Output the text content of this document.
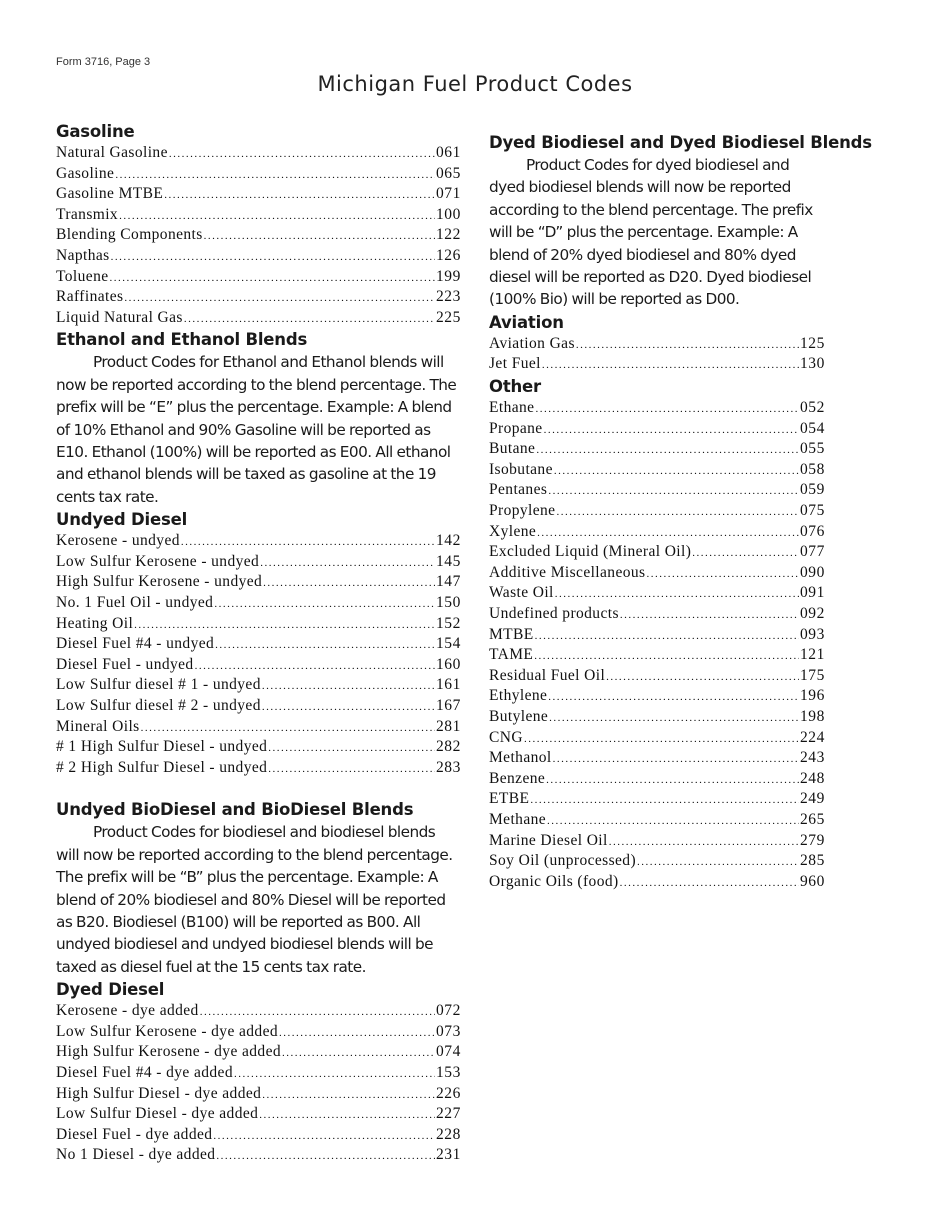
Form 3716, Page 3
Michigan Fuel Product Codes
Gasoline
Natural Gasoline .....	061
Gasoline .....	065
Gasoline MTBE .....	071
Transmix .....	100
Blending Components .....	122
Napthas .....	126
Toluene .....	199
Raffinates .....	223
Liquid Natural Gas .....	225
Ethanol and Ethanol Blends

Product Codes for Ethanol and Ethanol blends will now be reported according to the blend percentage. The prefix will be “E” plus the percentage. Example: A blend of 10% Ethanol and 90% Gasoline will be reported as E10. Ethanol (100%) will be reported as E00. All ethanol and ethanol blends will be taxed as gasoline at the 19 cents tax rate.

Undyed Diesel
Kerosene - undyed .....	142
Low Sulfur Kerosene - undyed .....	145
High Sulfur Kerosene - undyed .....	147
No. 1 Fuel Oil - undyed .....	150
Heating Oil .....	152
Diesel Fuel #4 - undyed .....	154
Diesel Fuel - undyed .....	160
Low Sulfur diesel # 1 - undyed .....	161
Low Sulfur diesel # 2 - undyed .....	167
Mineral Oils .....	281
# 1 High Sulfur Diesel - undyed .....	282
# 2 High Sulfur Diesel - undyed .....	283
Undyed BioDiesel and BioDiesel Blends

Product Codes for biodiesel and biodiesel blends will now be reported according to the blend percentage. The prefix will be “B” plus the percentage. Example: A blend of 20% biodiesel and 80% Diesel will be reported as B20. Biodiesel (B100) will be reported as B00. All undyed biodiesel and undyed biodiesel blends will be taxed as diesel fuel at the 15 cents tax rate.

Dyed Diesel
Kerosene - dye added .....	072
Low Sulfur Kerosene - dye added .....	073
High Sulfur Kerosene - dye added .....	074
Diesel Fuel #4 - dye added .....	153
High Sulfur Diesel - dye added .....	226
Low Sulfur Diesel - dye added .....	227
Diesel Fuel - dye added .....	228
No 1 Diesel - dye added .....	231
Dyed Biodiesel and Dyed Biodiesel Blends

Product Codes for dyed biodiesel and dyed biodiesel blends will now be reported according to the blend percentage. The prefix will be “D” plus the percentage. Example: A blend of 20% dyed biodiesel and 80% dyed diesel will be reported as D20. Dyed biodiesel (100% Bio) will be reported as D00.

Aviation
Aviation Gas .....	125
Jet Fuel .....	130
Other
Ethane .....	052
Propane .....	054
Butane .....	055
Isobutane .....	058
Pentanes .....	059
Propylene .....	075
Xylene .....	076
Excluded Liquid (Mineral Oil) .....	077
Additive Miscellaneous .....	090
Waste Oil .....	091
Undefined products .....	092
MTBE .....	093
TAME .....	121
Residual Fuel Oil .....	175
Ethylene .....	196
Butylene .....	198
CNG .....	224
Methanol .....	243
Benzene .....	248
ETBE .....	249
Methane .....	265
Marine Diesel Oil .....	279
Soy Oil (unprocessed) .....	285
Organic Oils (food) .....	960
